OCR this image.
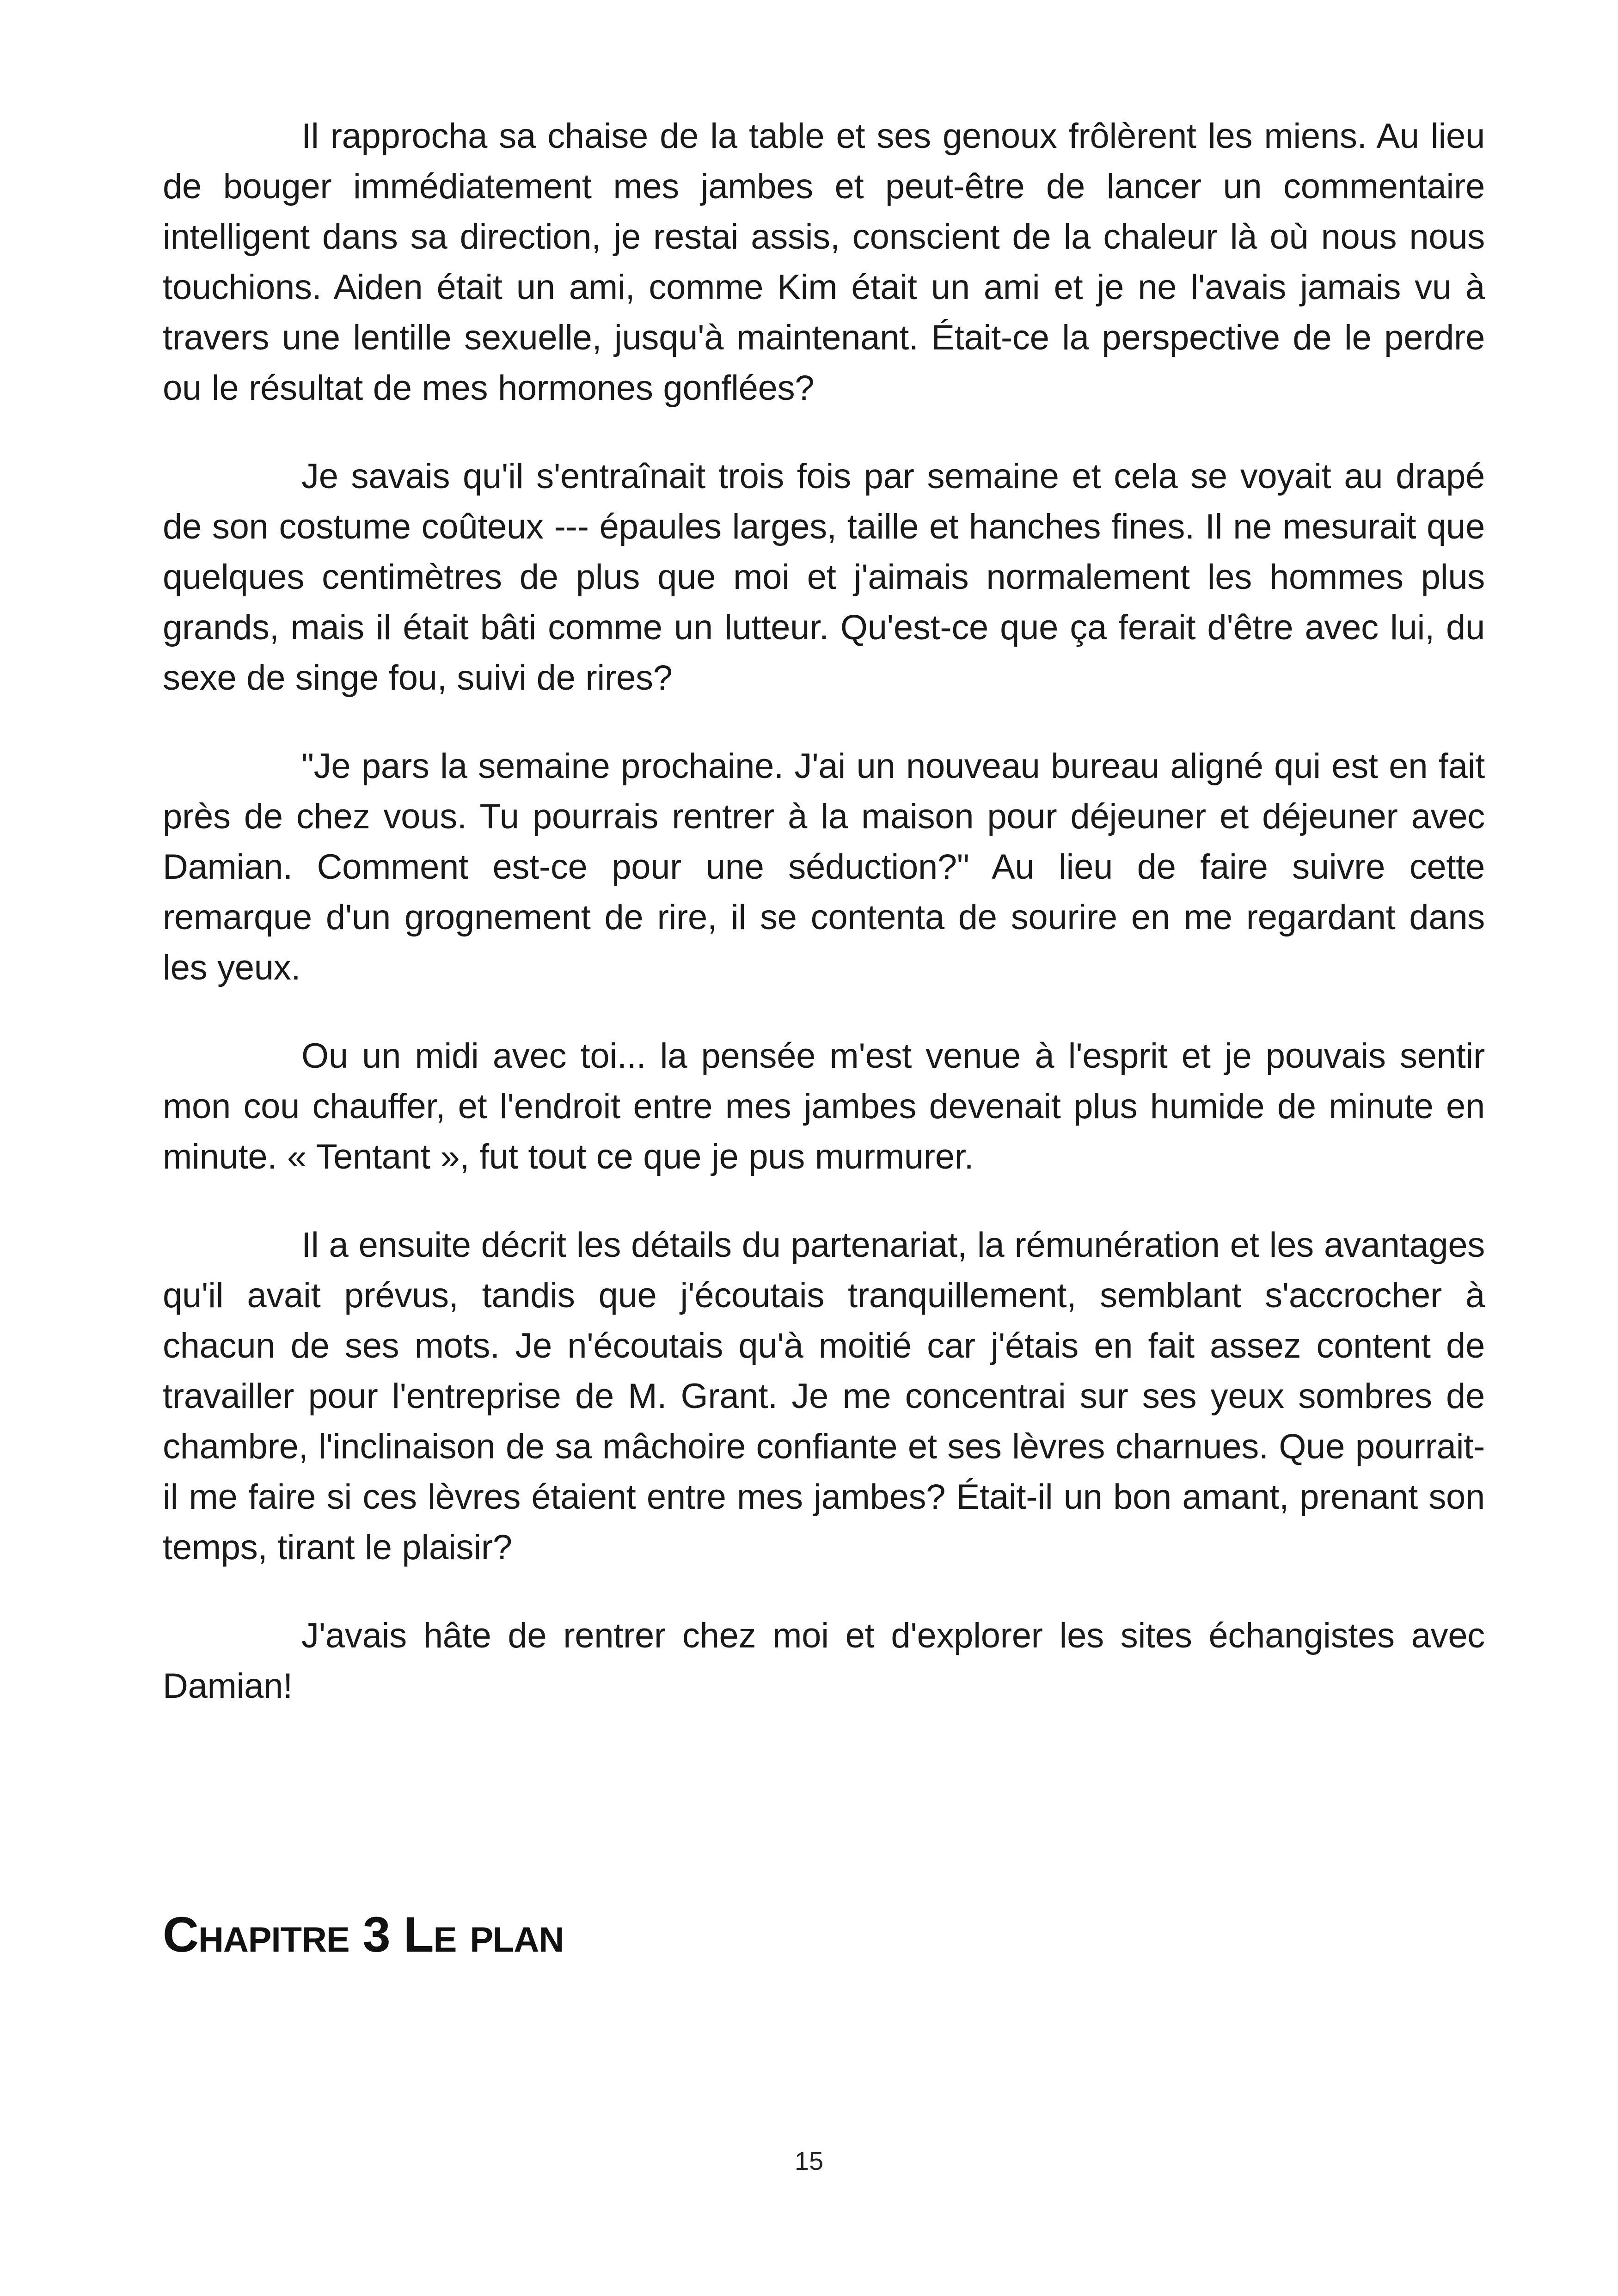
Il rapprocha sa chaise de la table et ses genoux frôlèrent les miens. Au lieu de bouger immédiatement mes jambes et peut-être de lancer un commentaire intelligent dans sa direction, je restai assis, conscient de la chaleur là où nous nous touchions. Aiden était un ami, comme Kim était un ami et je ne l'avais jamais vu à travers une lentille sexuelle, jusqu'à maintenant. Était-ce la perspective de le perdre ou le résultat de mes hormones gonflées?

Je savais qu'il s'entraînait trois fois par semaine et cela se voyait au drapé de son costume coûteux --- épaules larges, taille et hanches fines. Il ne mesurait que quelques centimètres de plus que moi et j'aimais normalement les hommes plus grands, mais il était bâti comme un lutteur. Qu'est-ce que ça ferait d'être avec lui, du sexe de singe fou, suivi de rires?

"Je pars la semaine prochaine. J'ai un nouveau bureau aligné qui est en fait près de chez vous. Tu pourrais rentrer à la maison pour déjeuner et déjeuner avec Damian. Comment est-ce pour une séduction?" Au lieu de faire suivre cette remarque d'un grognement de rire, il se contenta de sourire en me regardant dans les yeux.

Ou un midi avec toi... la pensée m'est venue à l'esprit et je pouvais sentir mon cou chauffer, et l'endroit entre mes jambes devenait plus humide de minute en minute. « Tentant », fut tout ce que je pus murmurer.

Il a ensuite décrit les détails du partenariat, la rémunération et les avantages qu'il avait prévus, tandis que j'écoutais tranquillement, semblant s'accrocher à chacun de ses mots. Je n'écoutais qu'à moitié car j'étais en fait assez content de travailler pour l'entreprise de M. Grant. Je me concentrai sur ses yeux sombres de chambre, l'inclinaison de sa mâchoire confiante et ses lèvres charnues. Que pourrait-il me faire si ces lèvres étaient entre mes jambes? Était-il un bon amant, prenant son temps, tirant le plaisir?

J'avais hâte de rentrer chez moi et d'explorer les sites échangistes avec Damian!

Chapitre 3 Le plan
15
